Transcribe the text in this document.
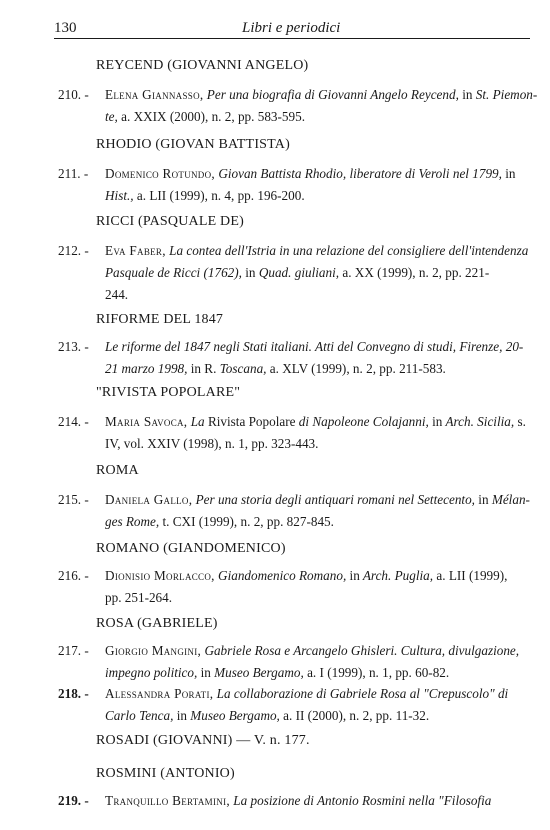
130	Libri e periodici
REYCEND (GIOVANNI ANGELO)
210. - Elena Giannasso, Per una biografia di Giovanni Angelo Reycend, in St. Piemon-
te, a. XXIX (2000), n. 2, pp. 583-595.
RHODIO (GIOVAN BATTISTA)
211. - Domenico Rotundo, Giovan Battista Rhodio, liberatore di Veroli nel 1799, in
Hist., a. LII (1999), n. 4, pp. 196-200.
RICCI (PASQUALE DE)
212. - Eva Faber, La contea dell'Istria in una relazione del consigliere dell'intendenza
Pasquale de Ricci (1762), in Quad. giuliani, a. XX (1999), n. 2, pp. 221-
244.
RIFORME DEL 1847
213. - Le riforme del 1847 negli Stati italiani. Atti del Convegno di studi, Firenze, 20-
21 marzo 1998, in R. Toscana, a. XLV (1999), n. 2, pp. 211-583.
"RIVISTA POPOLARE"
214. - Maria Savoca, La Rivista Popolare di Napoleone Colajanni, in Arch. Sicilia, s.
IV, vol. XXIV (1998), n. 1, pp. 323-443.
ROMA
215. - Daniela Gallo, Per una storia degli antiquari romani nel Settecento, in Mélan-
ges Rome, t. CXI (1999), n. 2, pp. 827-845.
ROMANO (GIANDOMENICO)
216. - Dionisio Morlacco, Giandomenico Romano, in Arch. Puglia, a. LII (1999),
pp. 251-264.
ROSA (GABRIELE)
217. - Giorgio Mangini, Gabriele Rosa e Arcangelo Ghisleri. Cultura, divulgazione,
impegno politico, in Museo Bergamo, a. I (1999), n. 1, pp. 60-82.
218. - Alessandra Porati, La collaborazione di Gabriele Rosa al "Crepuscolo" di
Carlo Tenca, in Museo Bergamo, a. II (2000), n. 2, pp. 11-32.
ROSADI (GIOVANNI) — V. n. 177.
ROSMINI (ANTONIO)
219. - Tranquillo Bertamini, La posizione di Antonio Rosmini nella "Filosofia
